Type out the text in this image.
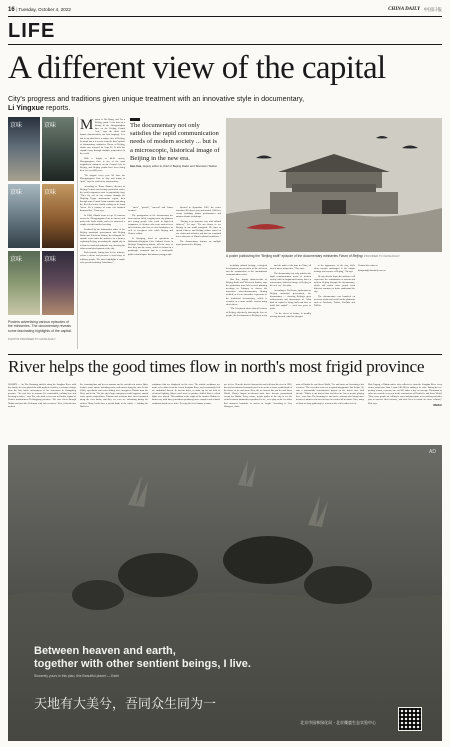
16 | Tuesday, October 4, 2022	CHINA DAILY 中国日报
LIFE
A different view of the capital
City's progress and traditions given unique treatment with an innovative style in documentary, Li Yingxue reports.
京味	京味
京味	京味
京味	京味
Posters advertising various episodes of the miniseries. The documentary reveals some fascinating highlights of the capital.
PHOTOS PROVIDED TO CHINA DAILY
M aoxue is Bei-Qiang, and I'm a Beijing youth. I was born at a hutong in the Shengmanghau fane on the Beijing Central Axis," says the third with human characteristics, not beat language. It is fair to say that this is a unique view of Beijing. In actual fact it is a scene from the third episode of documentary miniseries Flavor of Beijing, which was released on Sept 23. It tells the capital's story through multiple perspectives in the world.

With a height of 44.41 meters, Zhengyangmen Gate is one of the most magnificent entrances on the Central Axis of Beijing, and Beijing youths have been living there for over 600 years.

"We migrate every year. We have the Zhengyangmen Gate in July and return in April," says the swift in the documentary.

According to Xiaus Zhanzu, director of Beijing Central Axis heritage protection center, the swift's migratory route is particularly long. "They fly out of our country through the Xinjiang Uygur autonomous region, then through some Central Asian countries and along the Red Sea before finally ending up in South Africa. It's a journey of some one hundred thousand km," Guan says.

In 2008, Zhanhi team set up 10 cameras across the Zhengyangmen Gate to observe and protect the birds within, and even witnessed a couple of swift families breeding.

Produced by the information office of the Beijing municipal government and Beijing Radio and Television Station, the trilingual 10-episode series takes the audience on a journey exploring Beijing, presenting the capital city in a down-to-earth and authentic way, showing the richness and development of the city.

Each episode, lasting four to five minutes, selects a theme and presents a vivid story of ordinary people. The show highlights a couple of keywords including "inheritance",

"street", "growth", "renewal" and "future creation".

The protagonists of the documentary are from various fields, ranging from city planners and young people who work in high-tech companies, to doctors who treat ancient trees and residents who love to visit bookstores, as well as foreigners who relish Beijing and Chinese culture.

Li Qiaoping, head of operations at Shibazonbi Bujinjian Civic Cultural Center in Beijing's Dongcheng district, tells the story of how they ran the center, which is located in a quadrangle courtyard and is a fashionable public cultural space that attracts young people.

The documentary not only satisfies the rapid communication needs of modern society ... but is a microscopic, historical image of Beijing in the new era.
Han Xue, deputy editor-in-chief of Beijing Radio and Television Station

Opened in September 2018, the center functions 365 days a year and around 1,000 free events including drama performances and amateur theater workshops.

"Beijing is an attractive city with cultural richness," Lu says. "It's our dream to see Beijing in our small courtyard. We hope to spread Chinese and Beijing culture based on our events and activities and turn our courtyard into a showcase of China's cultural confidence."

The documentary features an multiple topics partnered to Beijing,

A poster publicizing the "Beijing swift" episode of the documentary miniseries Flavor of Beijing. PROVIDED TO CHINA DAILY

including cultural heritage, ecological development, preservation of the old town and the construction of the international communication center.

Han Xue, deputy editor-in-chief of Beijing Radio and Television Station, says the production team held several planning meetings in February to choose the innovative micro-documentary filming method, as it's an innovative expression of the traditional documentary, which is recorded in a more mobile context using short videos.

"The 10-episode show visits all corners of Beijing, objectively showing the lives of people, the development of Beijing as a city

and the spirit of the time in China, all from a micro perspective," Han says.

The documentary not only satisfies the rapid communication needs of modern society with its fragmented format, but is a microscopic, historical image of Beijing in the new era," she adds.

According to Xu Hejiao, spokesman of Beijing municipal government, the documentary — showing Beijing's great achievements and innovations of "what kind of capital is being built and how to build this capital" — took two years to make.

"As the wheel of history is steadily moving forward, what has changed

is the appearance of the city, while what remains unchanged is the unique heritage and essence of Beijing," Xu says.

He says that he hopes the audience will experience the combination of ancient and modern Beijing through the documentary, which will enable more people from different countries to better understand the city.

The documentary was launched on overseas media and social media platforms such as Facebook, Twitter, YouTube and TikTok.

Contact the writer at

liyingxue@chinadaily.com.cn

River helps the good times flow in north's most frigid province
HARBIN — An Xin Yuanfang strolled along the Songhua River with her family, she was glad at the mild northern weather, a welcome change from the last, harsh environment of her hometown in Guangdong province. "It's cool here in summer. It's comfortable walking here and listening to music," says Xia, who took a river tour in Harbin, capital of China's northernmost Heilongjiang province. The river flows through Harbin and provides Heloncan with rich resources. Now, it blends into modern
life, featuring bars and beer in summer and ice activities in winter. Quite features water sports, including cruise with music along the river. In the 2000s, speedboats and water sliding were brought to Harbin from the West, and in the '70s, the city's large enterprises would organize annual water sports competitions. Tourists and residents have been fascinated along the river banks, and they see even see swimming during the winters. Many locals have a special battle in the winter — holding the Bath's ice
sculptures that are displayed on the river. The artistic sculptures are made of ice taken from the frozen Songhua River, and occasionally fish are embedded therein. In ancient times, to make up for the lack of electrical lighting, fishers used snow to produce skilled flint to whish lights were placed. This tradition is the origin of the modern Harbin ice lantern art, with later generations producing more complex and colorful variations based on ice rules. To enjoy the river banana a imme-
nce of rice. Near the first ice lantern fair was held near the river in 1963, the city has attracted seasonal travelers to create a winter wonderland on the theme of ice and snow. Now, the ice lantern fair and Ice and Snow World, China's largest ice-themed park, have become promotional events for Harbin. Every winter, people gather to the city to see the world's famous landmarks reproduced in ice, or to play on the ice slides that measures hundreds of meters in length. According to Guo Shengwei, chair-
man of Harbin Ice and Snow World, "Ice and snow are becoming a hot resource." The river also serves as a natural playground. Sun Peijun, 58, runs a snowmobile entertainment project on the frozen river with friends. "Winter is my busiest time and there are lots of people playing here," says Sun. The booming ice and snow economy also brings more income to farmers who used to have no work at all in winter. Now, many of them are busy gathering ice season as the cold weather sets in.
Zhai Fagong, a Harbin native who collects ice from the Songhua River every winter, earns more than 1 yuan (≈$1.38) for cutting a ice cube. During the ice-picking season, a person can cut 300 cubes a day on average. Thousands of cubes are created every year in the construction of Harbin Ice and Snow World. "Now, more people are willing to come and participate in ice picking and other jobs to increase their incomes, and their lives to enable are more colorful," Zhai says.
XINHUA
AD
Between heaven and earth,
together with other sentient beings, I live.
Sincerely yours in this plan, this Beautiful planet — Earth
天地有大美兮，吾同众生同为一
北京市园林绿化局 · 北京麋鹿生态实验中心
